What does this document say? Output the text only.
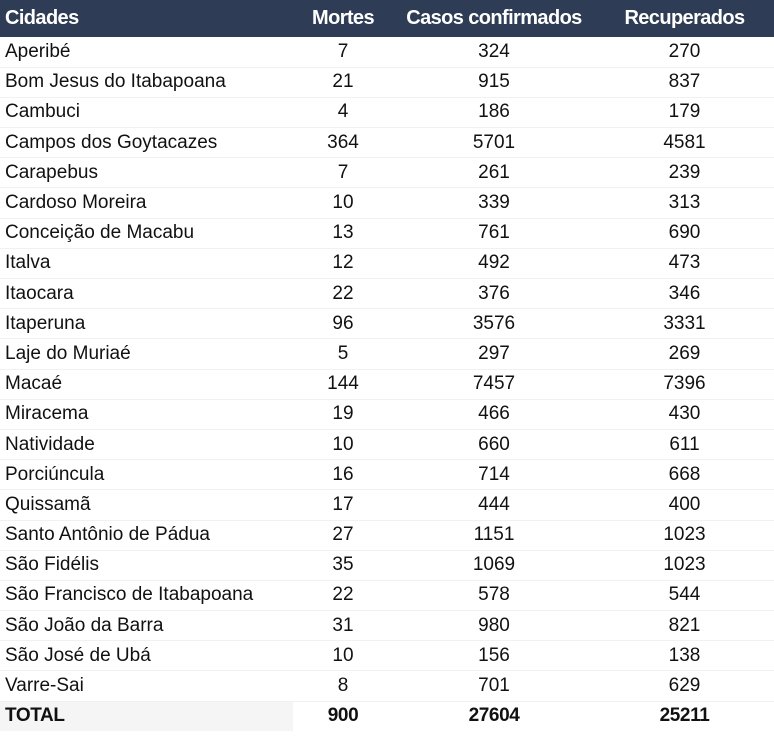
Cidades	Mortes	Casos confirmados	Recuperados
Aperibé	7	324	270
Bom Jesus do Itabapoana	21	915	837
Cambuci	4	186	179
Campos dos Goytacazes	364	5701	4581
Carapebus	7	261	239
Cardoso Moreira	10	339	313
Conceição de Macabu	13	761	690
Italva	12	492	473
Itaocara	22	376	346
Itaperuna	96	3576	3331
Laje do Muriaé	5	297	269
Macaé	144	7457	7396
Miracema	19	466	430
Natividade	10	660	611
Porciúncula	16	714	668
Quissamã	17	444	400
Santo Antônio de Pádua	27	1151	1023
São Fidélis	35	1069	1023
São Francisco de Itabapoana	22	578	544
São João da Barra	31	980	821
São José de Ubá	10	156	138
Varre-Sai	8	701	629
TOTAL	900	27604	25211
